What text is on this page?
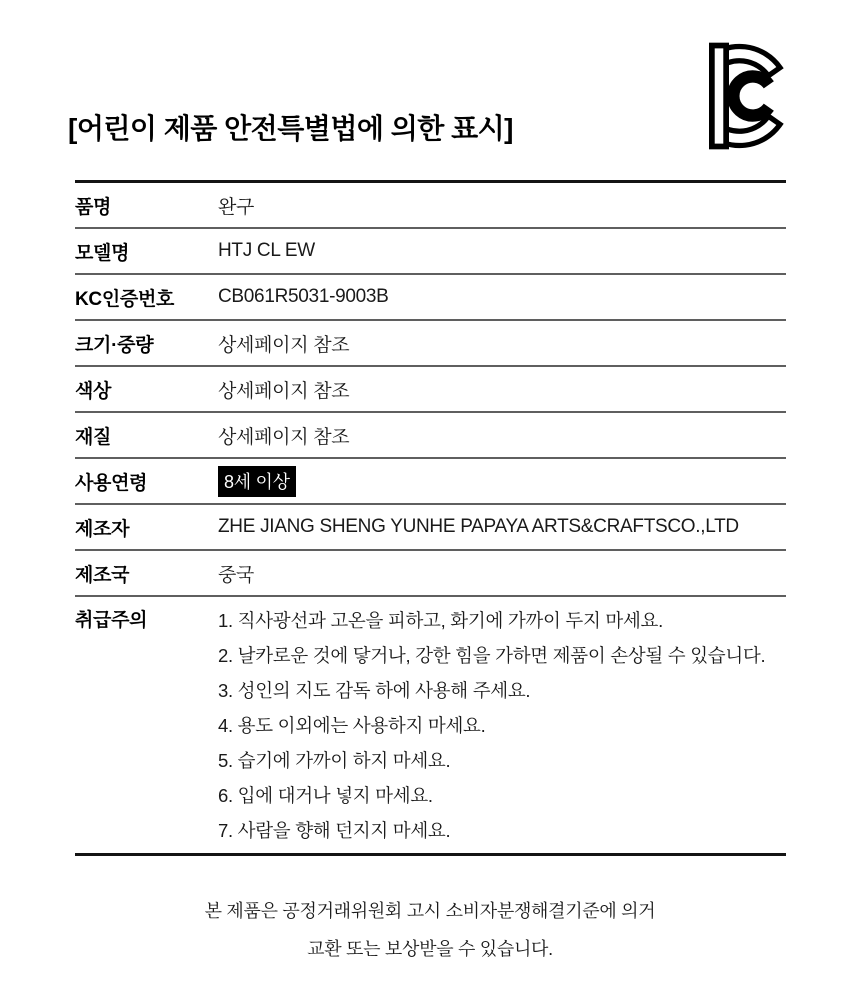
[어린이 제품 안전특별법에 의한 표시]
품명	완구
모델명	HTJ CL EW
KC인증번호	CB061R5031-9003B
크기·중량	상세페이지 참조
색상	상세페이지 참조
재질	상세페이지 참조
사용연령	8세 이상
제조자	ZHE JIANG SHENG YUNHE PAPAYA ARTS&CRAFTSCO.,LTD
제조국	중국
취급주의	1. 직사광선과 고온을 피하고, 화기에 가까이 두지 마세요.
2. 날카로운 것에 닿거나, 강한 힘을 가하면 제품이 손상될 수 있습니다.
3. 성인의 지도 감독 하에 사용해 주세요.
4. 용도 이외에는 사용하지 마세요.
5. 습기에 가까이 하지 마세요.
6. 입에 대거나 넣지 마세요.
7. 사람을 향해 던지지 마세요.
본 제품은 공정거래위원회 고시 소비자분쟁해결기준에 의거
교환 또는 보상받을 수 있습니다.
